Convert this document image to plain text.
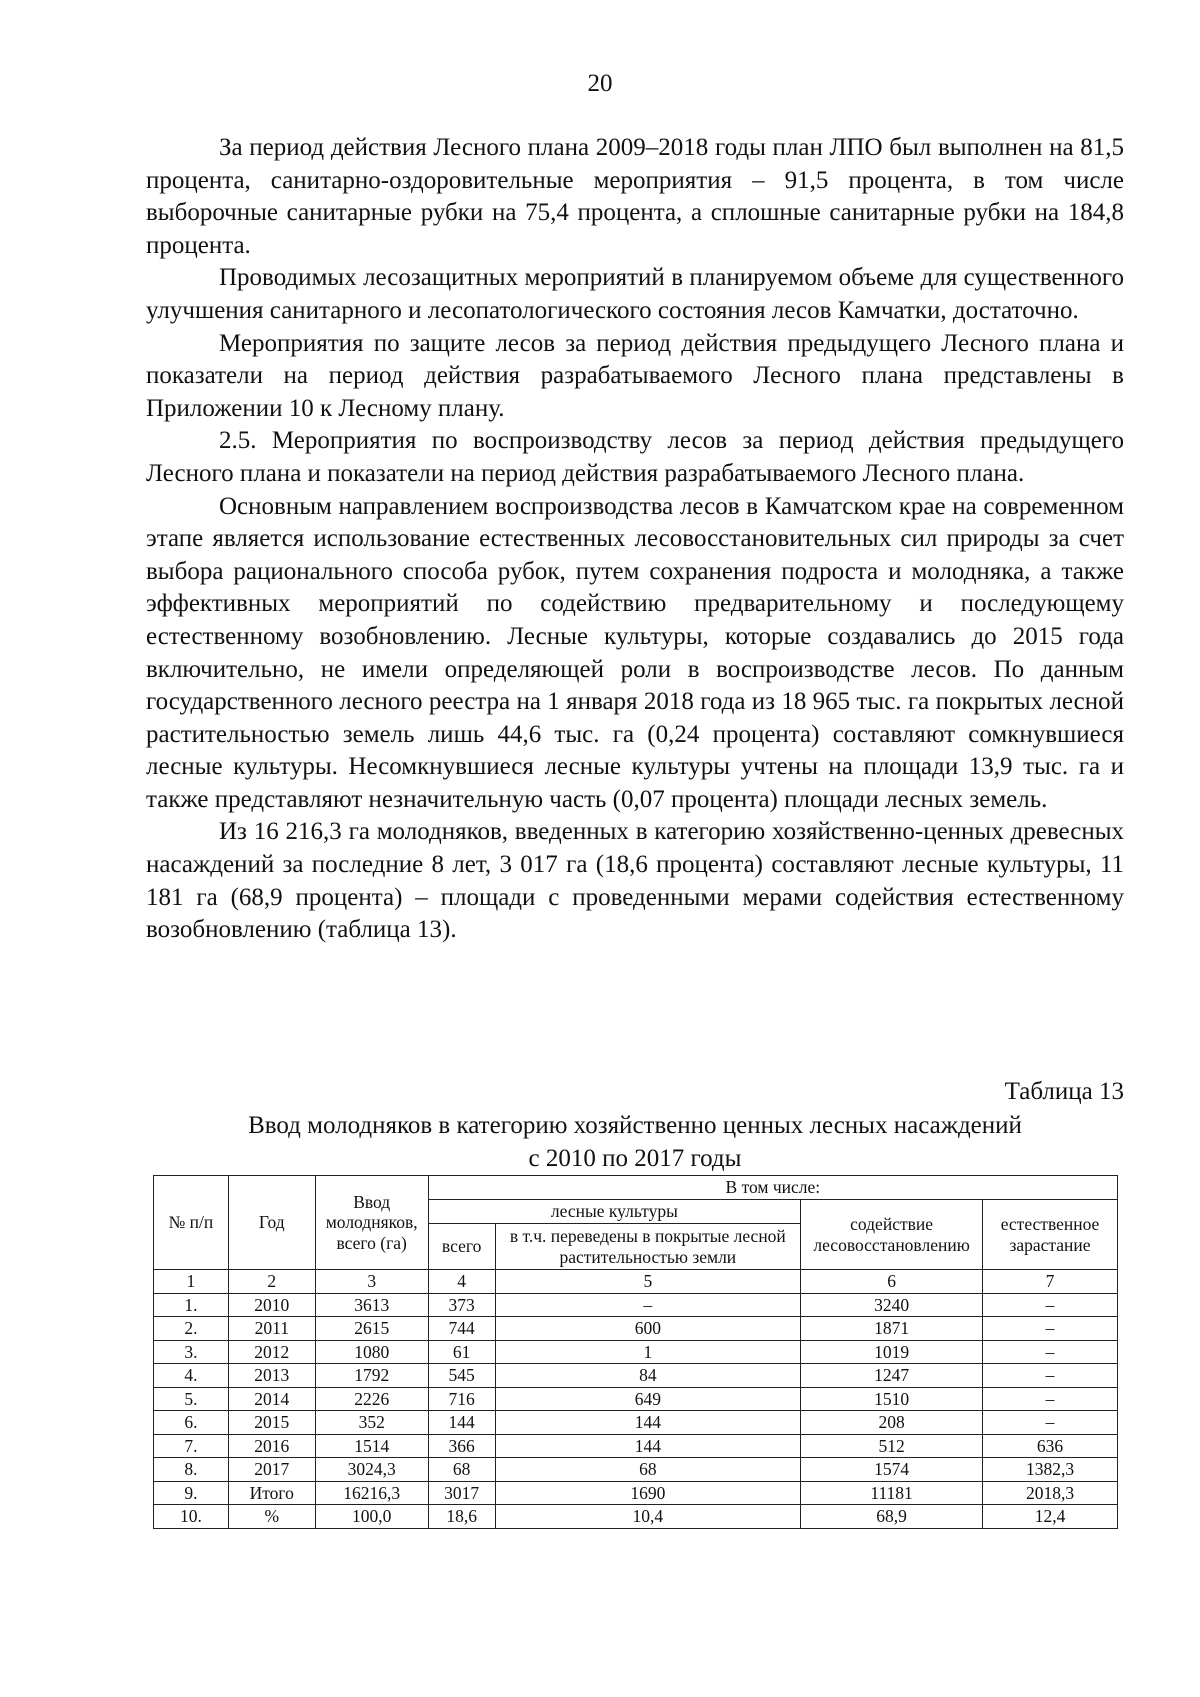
20

За период действия Лесного плана 2009–2018 годы план ЛПО был выполнен на 81,5 процента, санитарно-оздоровительные мероприятия – 91,5 процента, в том числе выборочные санитарные рубки на 75,4 процента, а сплошные санитарные рубки на 184,8 процента.

Проводимых лесозащитных мероприятий в планируемом объеме для существенного улучшения санитарного и лесопатологического состояния лесов Камчатки, достаточно.

Мероприятия по защите лесов за период действия предыдущего Лесного плана и показатели на период действия разрабатываемого Лесного плана представлены в Приложении 10 к Лесному плану.

2.5. Мероприятия по воспроизводству лесов за период действия предыдущего Лесного плана и показатели на период действия разрабатываемого Лесного плана.

Основным направлением воспроизводства лесов в Камчатском крае на современном этапе является использование естественных лесовосстановительных сил природы за счет выбора рационального способа рубок, путем сохранения подроста и молодняка, а также эффективных мероприятий по содействию предварительному и последующему естественному возобновлению. Лесные культуры, которые создавались до 2015 года включительно, не имели определяющей роли в воспроизводстве лесов. По данным государственного лесного реестра на 1 января 2018 года из 18 965 тыс. га покрытых лесной растительностью земель лишь 44,6 тыс. га (0,24 процента) составляют сомкнувшиеся лесные культуры. Несомкнувшиеся лесные культуры учтены на площади 13,9 тыс. га и также представляют незначительную часть (0,07 процента) площади лесных земель.

Из 16 216,3 га молодняков, введенных в категорию хозяйственно-ценных древесных насаждений за последние 8 лет, 3 017 га (18,6 процента) составляют лесные культуры, 11 181 га (68,9 процента) – площади с проведенными мерами содействия естественному возобновлению (таблица 13).

Таблица 13
Ввод молодняков в категорию хозяйственно ценных лесных насаждений
с 2010 по 2017 годы
№ п/п	Год	Ввод молодняков, всего (га)	В том числе:			
			лесные культуры		содействие лесовосстановлению	естественное зарастание
			всего	в т.ч. переведены в покрытые лесной растительностью земли		
1	2	3	4	5	6	7
1.	2010	3613	373	–	3240	–
2.	2011	2615	744	600	1871	–
3.	2012	1080	61	1	1019	–
4.	2013	1792	545	84	1247	–
5.	2014	2226	716	649	1510	–
6.	2015	352	144	144	208	–
7.	2016	1514	366	144	512	636
8.	2017	3024,3	68	68	1574	1382,3
9.	Итого	16216,3	3017	1690	11181	2018,3
10.	%	100,0	18,6	10,4	68,9	12,4
